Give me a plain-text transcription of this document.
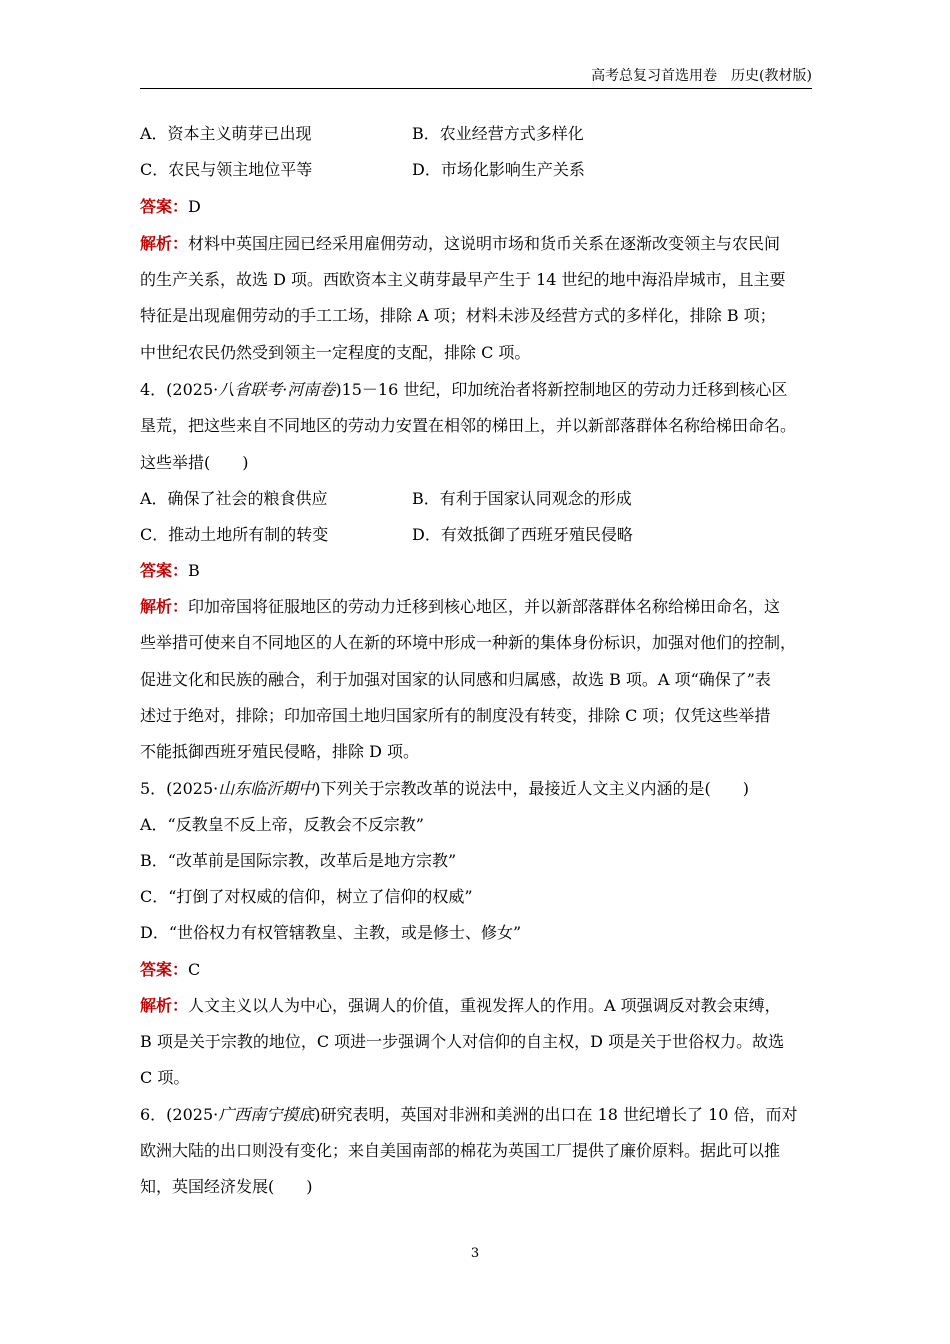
高考总复习首选用卷　历史(教材版)
A．资本主义萌芽已出现	B．农业经营方式多样化
C．农民与领主地位平等	D．市场化影响生产关系
答案：D
解析：材料中英国庄园已经采用雇佣劳动，这说明市场和货币关系在逐渐改变领主与农民间
的生产关系，故选 D 项。西欧资本主义萌芽最早产生于 14 世纪的地中海沿岸城市，且主要
特征是出现雇佣劳动的手工工场，排除 A 项；材料未涉及经营方式的多样化，排除 B 项；
中世纪农民仍然受到领主一定程度的支配，排除 C 项。
4．(2025·八省联考·河南卷)15－16 世纪，印加统治者将新控制地区的劳动力迁移到核心区
垦荒，把这些来自不同地区的劳动力安置在相邻的梯田上，并以新部落群体名称给梯田命名。
这些举措(　　)
A．确保了社会的粮食供应	B．有利于国家认同观念的形成
C．推动土地所有制的转变	D．有效抵御了西班牙殖民侵略
答案：B
解析：印加帝国将征服地区的劳动力迁移到核心地区，并以新部落群体名称给梯田命名，这
些举措可使来自不同地区的人在新的环境中形成一种新的集体身份标识，加强对他们的控制，
促进文化和民族的融合，利于加强对国家的认同感和归属感，故选 B 项。A 项“确保了”表
述过于绝对，排除；印加帝国土地归国家所有的制度没有转变，排除 C 项；仅凭这些举措
不能抵御西班牙殖民侵略，排除 D 项。
5．(2025·山东临沂期中)下列关于宗教改革的说法中，最接近人文主义内涵的是(　　)
A．“反教皇不反上帝，反教会不反宗教”
B．“改革前是国际宗教，改革后是地方宗教”
C．“打倒了对权威的信仰，树立了信仰的权威”
D．“世俗权力有权管辖教皇、主教，或是修士、修女”
答案：C
解析：人文主义以人为中心，强调人的价值，重视发挥人的作用。A 项强调反对教会束缚，
B 项是关于宗教的地位，C 项进一步强调个人对信仰的自主权，D 项是关于世俗权力。故选
C 项。
6．(2025·广西南宁摸底)研究表明，英国对非洲和美洲的出口在 18 世纪增长了 10 倍，而对
欧洲大陆的出口则没有变化；来自美国南部的棉花为英国工厂提供了廉价原料。据此可以推
知，英国经济发展(　　)
3
